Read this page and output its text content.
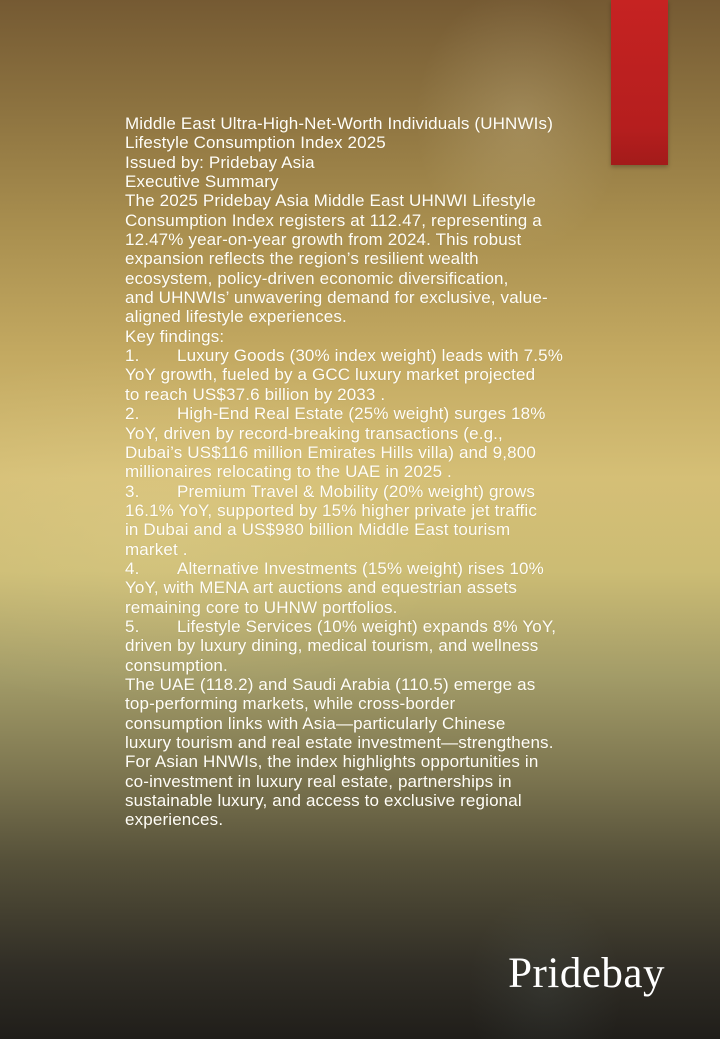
Middle East Ultra-High-Net-Worth Individuals (UHNWIs)
Lifestyle Consumption Index 2025
Issued by: Pridebay Asia
Executive Summary
The 2025 Pridebay Asia Middle East UHNWI Lifestyle
Consumption Index registers at 112.47, representing a
12.47% year-on-year growth from 2024. This robust
expansion reflects the region’s resilient wealth
ecosystem, policy-driven economic diversification,
and UHNWIs’ unwavering demand for exclusive, value-
aligned lifestyle experiences.
Key findings:
1. Luxury Goods (30% index weight) leads with 7.5%
YoY growth, fueled by a GCC luxury market projected
to reach US$37.6 billion by 2033 .
2. High-End Real Estate (25% weight) surges 18%
YoY, driven by record-breaking transactions (e.g.,
Dubai’s US$116 million Emirates Hills villa) and 9,800
millionaires relocating to the UAE in 2025 .
3. Premium Travel & Mobility (20% weight) grows
16.1% YoY, supported by 15% higher private jet traffic
in Dubai and a US$980 billion Middle East tourism
market .
4. Alternative Investments (15% weight) rises 10%
YoY, with MENA art auctions and equestrian assets
remaining core to UHNW portfolios.
5. Lifestyle Services (10% weight) expands 8% YoY,
driven by luxury dining, medical tourism, and wellness
consumption.
The UAE (118.2) and Saudi Arabia (110.5) emerge as
top-performing markets, while cross-border
consumption links with Asia—particularly Chinese
luxury tourism and real estate investment—strengthens.
For Asian HNWIs, the index highlights opportunities in
co-investment in luxury real estate, partnerships in
sustainable luxury, and access to exclusive regional
experiences.
Pridebay
